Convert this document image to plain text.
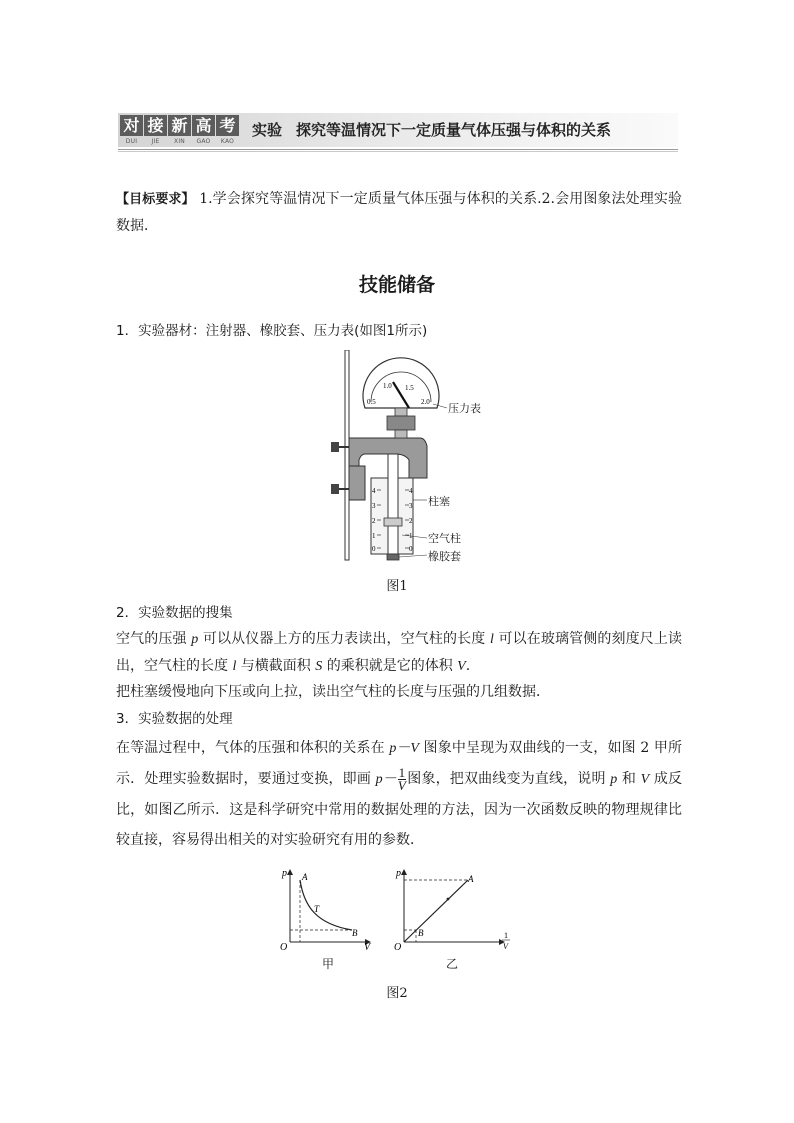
对 接 新 高 考
DUI	JIE	XIN	GAO	KAO
实验 探究等温情况下一定质量气体压强与体积的关系
【目标要求】 1.学会探究等温情况下一定质量气体压强与体积的关系.2.会用图象法处理实验数据．
技能储备
1．实验器材：注射器、橡胶套、压力表(如图1所示)
0.5
1.0 1.5
2.0
4
3
2
1
0
4
3
2
1
0
压力表
柱塞
空气柱
橡胶套
图1
2．实验数据的搜集
空气的压强 p 可以从仪器上方的压力表读出，空气柱的长度 l 可以在玻璃管侧的刻度尺上读出，空气柱的长度 l 与横截面积 S 的乘积就是它的体积 V.
把柱塞缓慢地向下压或向上拉，读出空气柱的长度与压强的几组数据．
3．实验数据的处理
在等温过程中，气体的压强和体积的关系在 p－V 图象中呈现为双曲线的一支，如图 2 甲所示．处理实验数据时，要通过变换，即画 $p- \frac{1}{V}$ 图象，把双曲线变为直线，说明 p 和 V 成反比，如图乙所示．这是科学研究中常用的数据处理的方法，因为一次函数反映的物理规律比较直接，容易得出相关的对实验研究有用的参数．
p
V
O
A
B
T
甲
p
O
A
B	1
V
乙
图2
